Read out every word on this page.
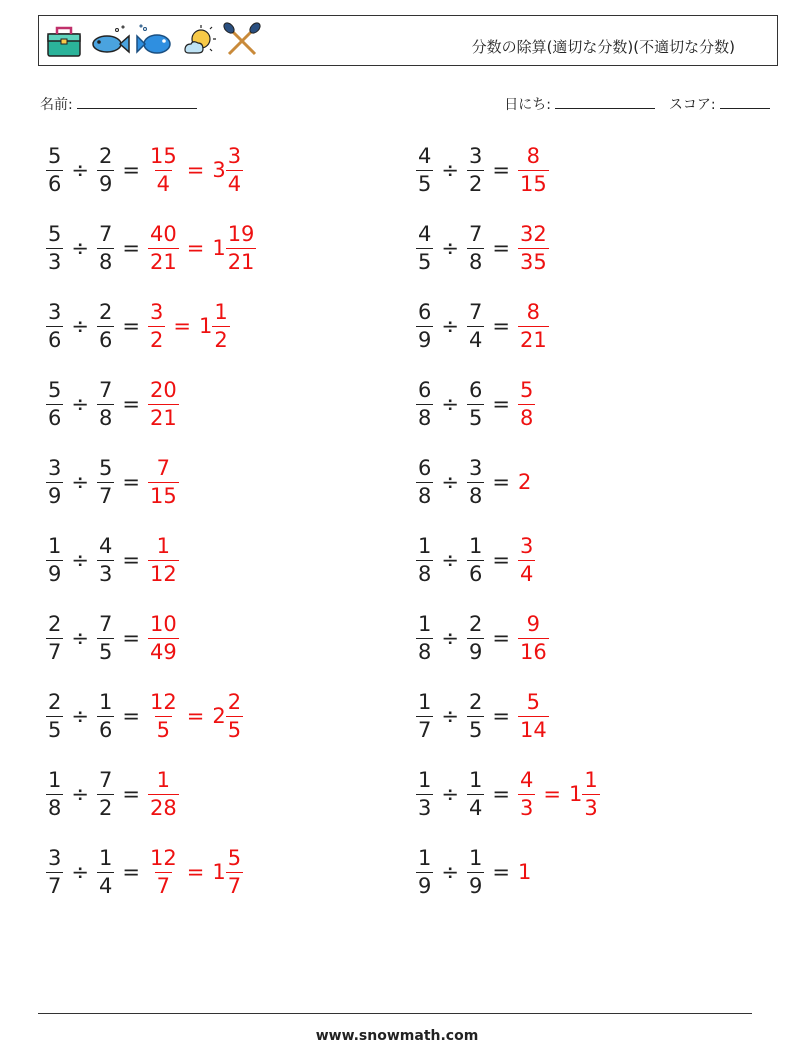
分数の除算(適切な分数)(不適切な分数)
名前:	日にち:	スコア:
$\frac{5}{6} \div \frac{2}{9} = \frac{15}{4} = 3 \frac{3}{4}$
$\frac{5}{3} \div \frac{7}{8} = \frac{40}{21} = 1 \frac{19}{21}$
$\frac{3}{6} \div \frac{2}{6} = \frac{3}{2} = 1 \frac{1}{2}$
$\frac{5}{6} \div \frac{7}{8} = \frac{20}{21}$
$\frac{3}{9} \div \frac{5}{7} = \frac{7}{15}$
$\frac{1}{9} \div \frac{4}{3} = \frac{1}{12}$
$\frac{2}{7} \div \frac{7}{5} = \frac{10}{49}$
$\frac{2}{5} \div \frac{1}{6} = \frac{12}{5} = 2 \frac{2}{5}$
$\frac{1}{8} \div \frac{7}{2} = \frac{1}{28}$
$\frac{3}{7} \div \frac{1}{4} = \frac{12}{7} = 1 \frac{5}{7}$
$\frac{4}{5} \div \frac{3}{2} = \frac{8}{15}$
$\frac{4}{5} \div \frac{7}{8} = \frac{32}{35}$
$\frac{6}{9} \div \frac{7}{4} = \frac{8}{21}$
$\frac{6}{8} \div \frac{6}{5} = \frac{5}{8}$
$\frac{6}{8} \div \frac{3}{8} = 2$
$\frac{1}{8} \div \frac{1}{6} = \frac{3}{4}$
$\frac{1}{8} \div \frac{2}{9} = \frac{9}{16}$
$\frac{1}{7} \div \frac{2}{5} = \frac{5}{14}$
$\frac{1}{3} \div \frac{1}{4} = \frac{4}{3} = 1 \frac{1}{3}$
$\frac{1}{9} \div \frac{1}{9} = 1$
www.snowmath.com
